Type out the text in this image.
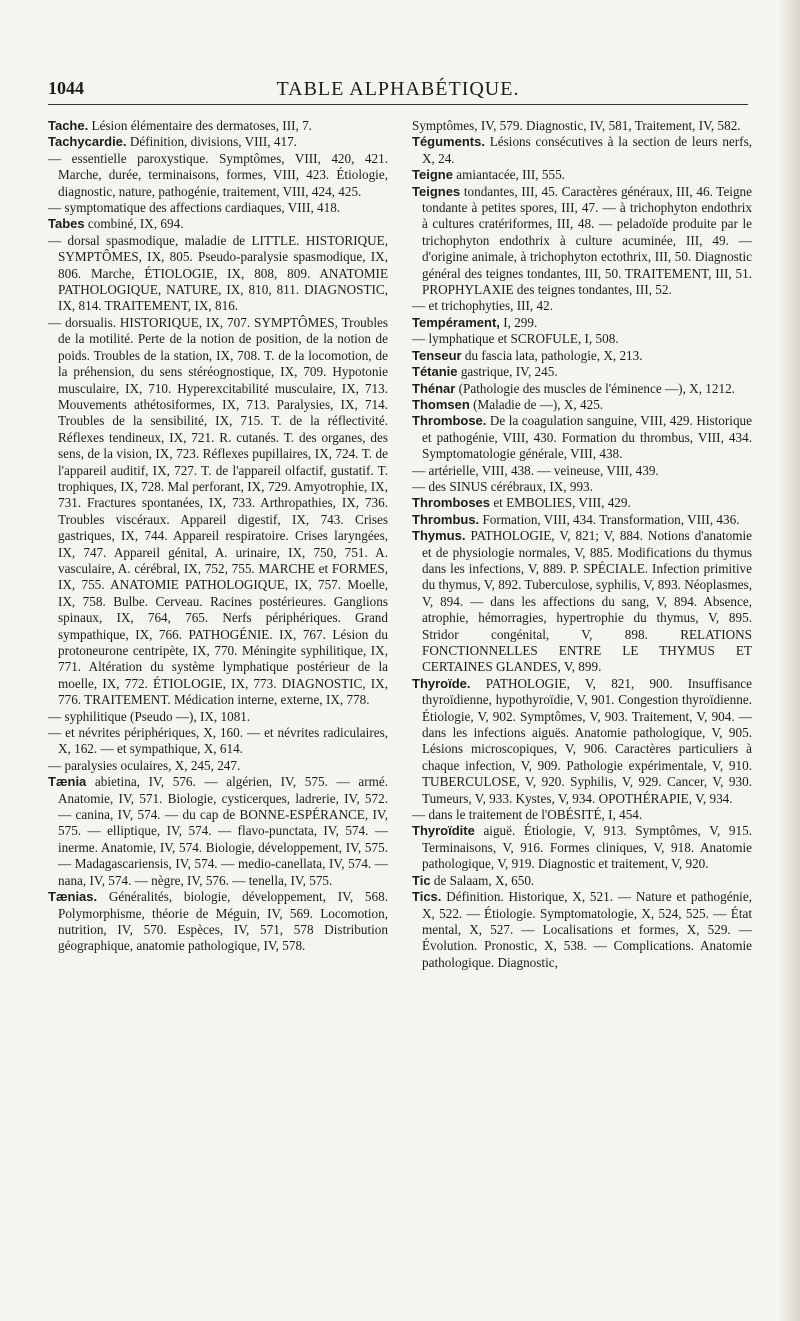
1044	TABLE ALPHABÉTIQUE.

Tache. Lésion élémentaire des dermatoses, III, 7.

Tachycardie. Définition, divisions, VIII, 417.

— essentielle paroxystique. Symptômes, VIII, 420, 421. Marche, durée, terminaisons, formes, VIII, 423. Étiologie, diagnostic, nature, pathogénie, traitement, VIII, 424, 425.

— symptomatique des affections cardiaques, VIII, 418.

Tabes combiné, IX, 694.

— dorsal spasmodique, maladie de LITTLE. HISTORIQUE, SYMPTÔMES, IX, 805. Pseudo-paralysie spasmodique, IX, 806. Marche, ÉTIOLOGIE, IX, 808, 809. ANATOMIE PATHOLOGIQUE, NATURE, IX, 810, 811. DIAGNOSTIC, IX, 814. TRAITEMENT, IX, 816.

— dorsualis. HISTORIQUE, IX, 707. SYMPTÔMES, Troubles de la motilité. Perte de la notion de position, de la notion de poids. Troubles de la station, IX, 708. T. de la locomotion, de la préhension, du sens stéréognostique, IX, 709. Hypotonie musculaire, IX, 710. Hyperexcitabilité musculaire, IX, 713. Mouvements athétosiformes, IX, 713. Paralysies, IX, 714. Troubles de la sensibilité, IX, 715. T. de la réflectivité. Réflexes tendineux, IX, 721. R. cutanés. T. des organes, des sens, de la vision, IX, 723. Réflexes pupillaires, IX, 724. T. de l'appareil auditif, IX, 727. T. de l'appareil olfactif, gustatif. T. trophiques, IX, 728. Mal perforant, IX, 729. Amyotrophie, IX, 731. Fractures spontanées, IX, 733. Arthropathies, IX, 736. Troubles viscéraux. Appareil digestif, IX, 743. Crises gastriques, IX, 744. Appareil respiratoire. Crises laryngées, IX, 747. Appareil génital, A. urinaire, IX, 750, 751. A. vasculaire, A. cérébral, IX, 752, 755. MARCHE et FORMES, IX, 755. ANATOMIE PATHOLOGIQUE, IX, 757. Moelle, IX, 758. Bulbe. Cerveau. Racines postérieures. Ganglions spinaux, IX, 764, 765. Nerfs périphériques. Grand sympathique, IX, 766. PATHOGÉNIE. IX, 767. Lésion du protoneurone centripète, IX, 770. Méningite syphilitique, IX, 771. Altération du système lymphatique postérieur de la moelle, IX, 772. ÉTIOLOGIE, IX, 773. DIAGNOSTIC, IX, 776. TRAITEMENT. Médication interne, externe, IX, 778.

— syphilitique (Pseudo —), IX, 1081.

— et névrites périphériques, X, 160. — et névrites radiculaires, X, 162. — et sympathique, X, 614.

— paralysies oculaires, X, 245, 247.

Tænia abietina, IV, 576. — algérien, IV, 575. — armé. Anatomie, IV, 571. Biologie, cysticerques, ladrerie, IV, 572. — canina, IV, 574. — du cap de BONNE-ESPÉRANCE, IV, 575. — elliptique, IV, 574. — flavo-punctata, IV, 574. — inerme. Anatomie, IV, 574. Biologie, développement, IV, 575. — Madagascariensis, IV, 574. — medio-canellata, IV, 574. — nana, IV, 574. — nègre, IV, 576. — tenella, IV, 575.

Tænias. Généralités, biologie, développement, IV, 568. Polymorphisme, théorie de Méguin, IV, 569. Locomotion, nutrition, IV, 570. Espèces, IV, 571, 578 Distribution géographique, anatomie pathologique, IV, 578.

Symptômes, IV, 579. Diagnostic, IV, 581, Traitement, IV, 582.

Téguments. Lésions consécutives à la section de leurs nerfs, X, 24.

Teigne amiantacée, III, 555.

Teignes tondantes, III, 45. Caractères généraux, III, 46. Teigne tondante à petites spores, III, 47. — à trichophyton endothrix à cultures cratériformes, III, 48. — peladoïde produite par le trichophyton endothrix à culture acuminée, III, 49. — d'origine animale, à trichophyton ectothrix, III, 50. Diagnostic général des teignes tondantes, III, 50. TRAITEMENT, III, 51. PROPHYLAXIE des teignes tondantes, III, 52.

— et trichophyties, III, 42.

Tempérament, I, 299.

— lymphatique et SCROFULE, I, 508.

Tenseur du fascia lata, pathologie, X, 213.

Tétanie gastrique, IV, 245.

Thénar (Pathologie des muscles de l'éminence —), X, 1212.

Thomsen (Maladie de —), X, 425.

Thrombose. De la coagulation sanguine, VIII, 429. Historique et pathogénie, VIII, 430. Formation du thrombus, VIII, 434. Symptomatologie générale, VIII, 438.

— artérielle, VIII, 438. — veineuse, VIII, 439.

— des SINUS cérébraux, IX, 993.

Thromboses et EMBOLIES, VIII, 429.

Thrombus. Formation, VIII, 434. Transformation, VIII, 436.

Thymus. PATHOLOGIE, V, 821; V, 884. Notions d'anatomie et de physiologie normales, V, 885. Modifications du thymus dans les infections, V, 889. P. SPÉCIALE. Infection primitive du thymus, V, 892. Tuberculose, syphilis, V, 893. Néoplasmes, V, 894. — dans les affections du sang, V, 894. Absence, atrophie, hémorragies, hypertrophie du thymus, V, 895. Stridor congénital, V, 898. RELATIONS FONCTIONNELLES ENTRE LE THYMUS ET CERTAINES GLANDES, V, 899.

Thyroïde. PATHOLOGIE, V, 821, 900. Insuffisance thyroïdienne, hypothyroïdie, V, 901. Congestion thyroïdienne. Étiologie, V, 902. Symptômes, V, 903. Traitement, V, 904. — dans les infections aiguës. Anatomie pathologique, V, 905. Lésions microscopiques, V, 906. Caractères particuliers à chaque infection, V, 909. Pathologie expérimentale, V, 910. TUBERCULOSE, V, 920. Syphilis, V, 929. Cancer, V, 930. Tumeurs, V, 933. Kystes, V, 934. OPOTHÉRAPIE, V, 934.

— dans le traitement de l'OBÉSITÉ, I, 454.

Thyroïdite aiguë. Étiologie, V, 913. Symptômes, V, 915. Terminaisons, V, 916. Formes cliniques, V, 918. Anatomie pathologique, V, 919. Diagnostic et traitement, V, 920.

Tic de Salaam, X, 650.

Tics. Définition. Historique, X, 521. — Nature et pathogénie, X, 522. — Étiologie. Symptomatologie, X, 524, 525. — État mental, X, 527. — Localisations et formes, X, 529. — Évolution. Pronostic, X, 538. — Complications. Anatomie pathologique. Diagnostic,
